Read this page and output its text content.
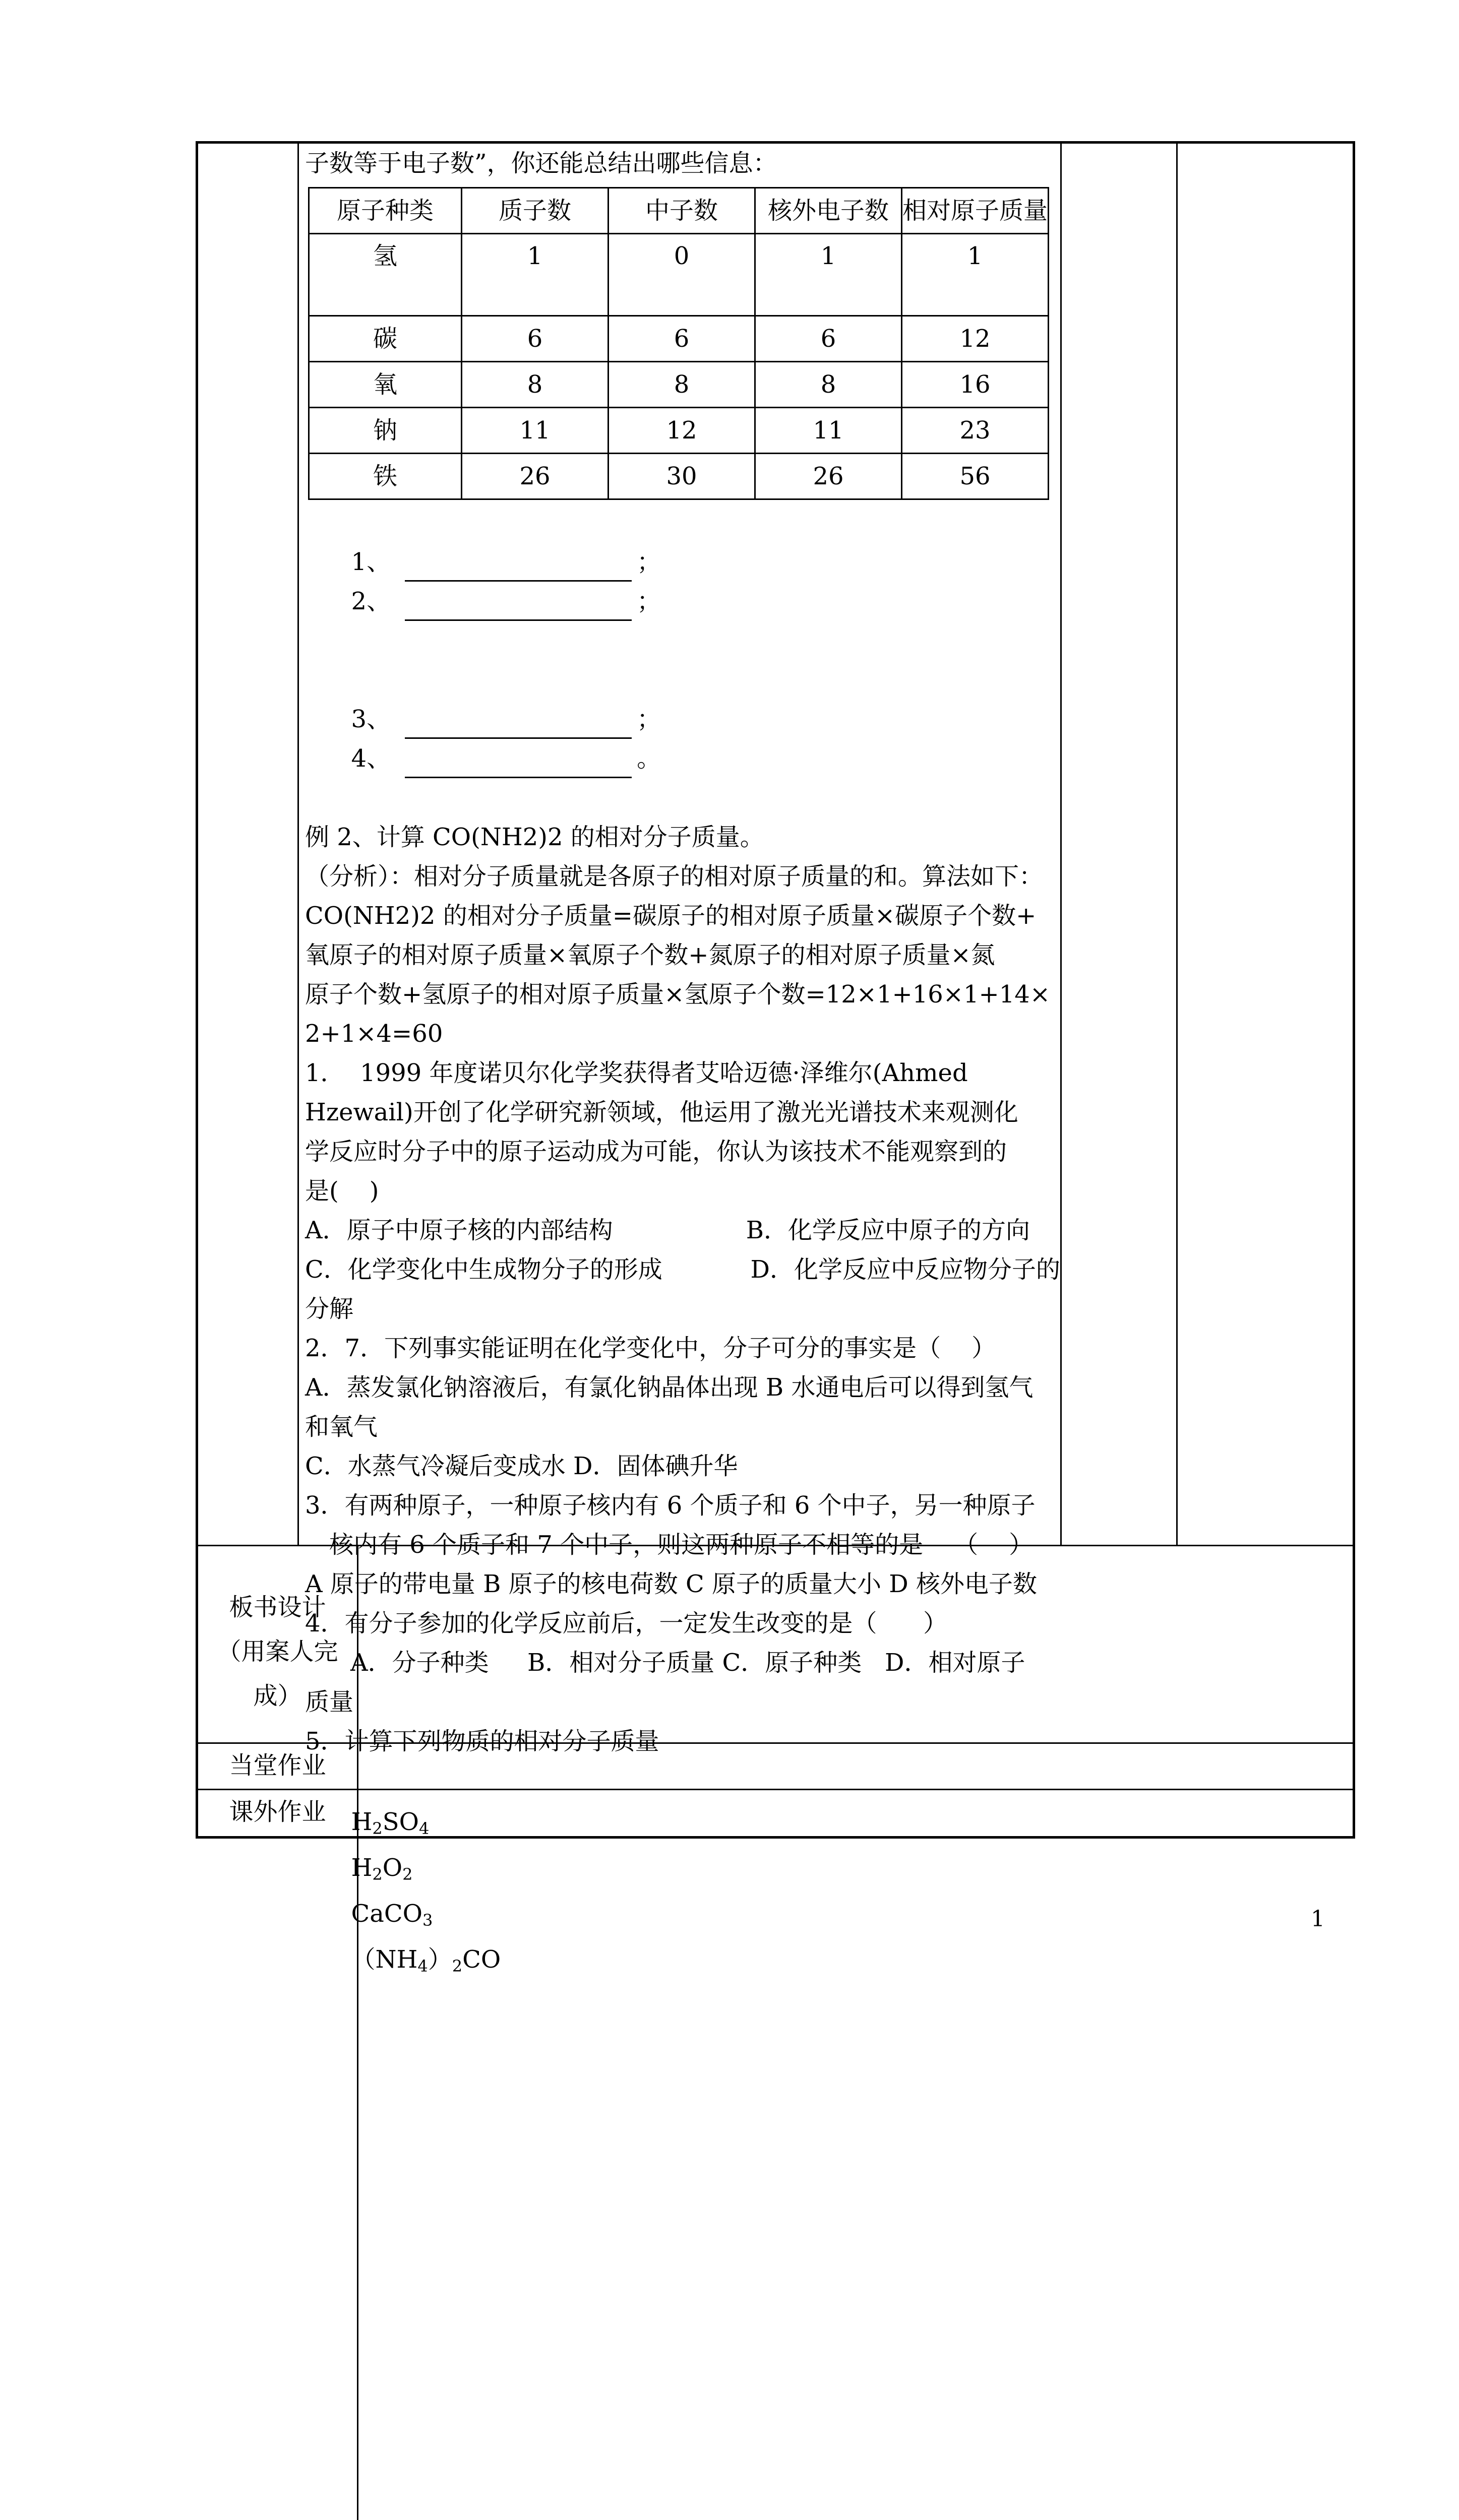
子数等于电子数”，你还能总结出哪些信息：
原子种类	质子数	中子数	核外电子数	相对原子质量
氢	1	0	1	1
碳	6	6	6	12
氧	8	8	8	16
钠	11	12	11	23
铁	26	30	26	56

1、	；
2、	；

3、	；
4、	。

例 2、计算 CO(NH2)2 的相对分子质量。
（分析）：相对分子质量就是各原子的相对原子质量的和。算法如下：
CO(NH2)2 的相对分子质量=碳原子的相对原子质量×碳原子个数+
氧原子的相对原子质量×氧原子个数+氮原子的相对原子质量×氮
原子个数+氢原子的相对原子质量×氢原子个数=12×1+16×1+14×
2+1×4=60
1．  1999 年度诺贝尔化学奖获得者艾哈迈德·泽维尔(Ahmed
Hzewail)开创了化学研究新领域，他运用了激光光谱技术来观测化
学反应时分子中的原子运动成为可能，你认为该技术不能观察到的
是(    )
A．原子中原子核的内部结构	B．化学反应中原子的方向
C．化学变化中生成物分子的形成	D．化学反应中反应物分子的
分解
2．7．下列事实能证明在化学变化中，分子可分的事实是（    ）
A．蒸发氯化钠溶液后，有氯化钠晶体出现 B 水通电后可以得到氢气
和氧气
C．水蒸气冷凝后变成水 D．固体碘升华
3．有两种原子，一种原子核内有 6 个质子和 6 个中子，另一种原子
核内有 6 个质子和 7 个中子，则这两种原子不相等的是    （    ）
A 原子的带电量 B 原子的核电荷数 C 原子的质量大小 D 核外电子数
4．有分子参加的化学反应前后，一定发生改变的是（      ）
A．分子种类     B．相对分子质量 C．原子种类   D．相对原子
质量
5．计算下列物质的相对分子质量

$H_2SO_4$
$H_2O_2$
CaCO$_3$
$(NH_4)_2CO$

板书设计
（用案人完
成）
当堂作业
课外作业
1
